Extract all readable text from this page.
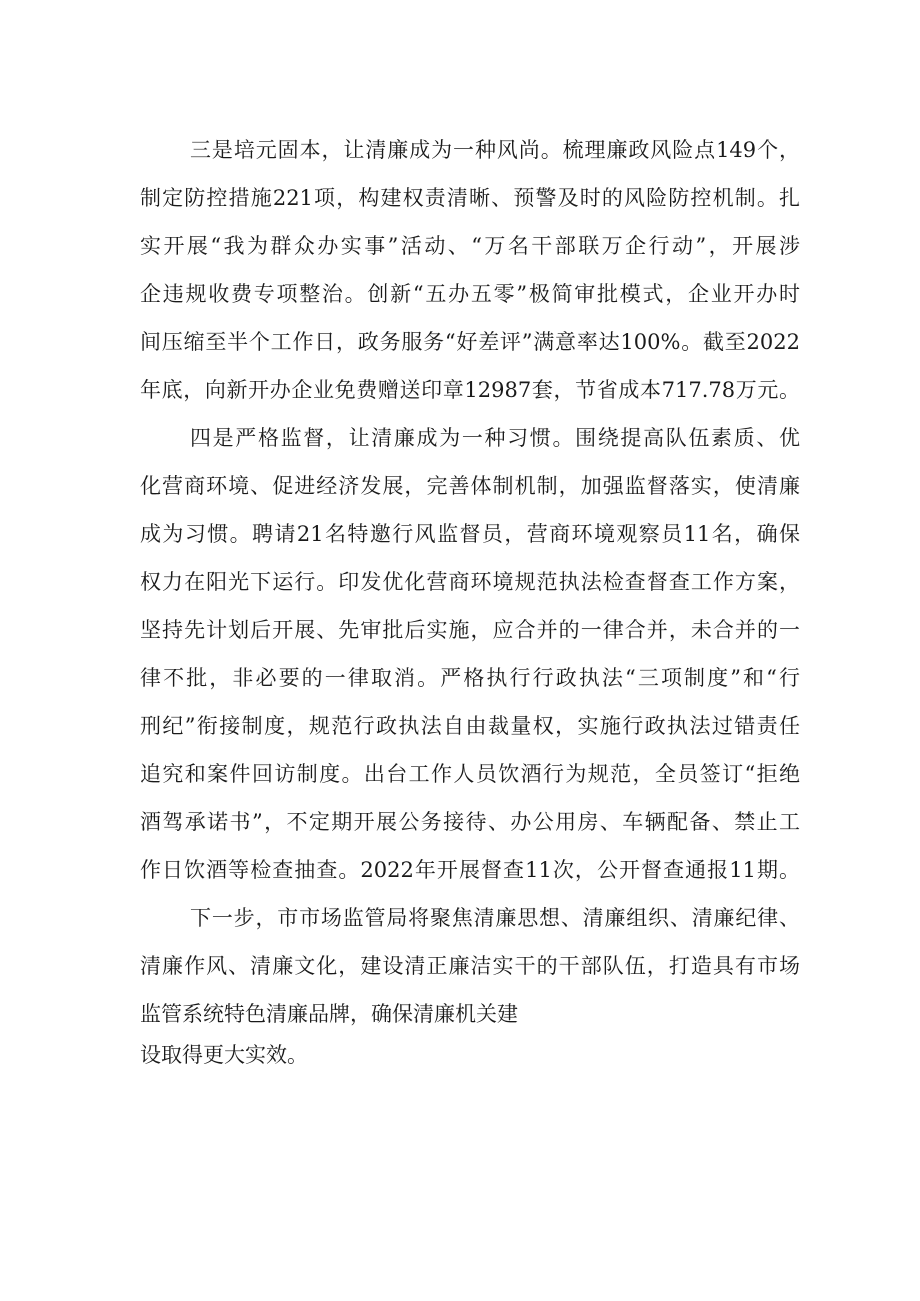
三是培元固本，让清廉成为一种风尚。梳理廉政风险点149个，
制定防控措施221项，构建权责清晰、预警及时的风险防控机制。扎
实开展“我为群众办实事”活动、“万名干部联万企行动”，开展涉
企违规收费专项整治。创新“五办五零”极简审批模式，企业开办时
间压缩至半个工作日，政务服务“好差评”满意率达100%。截至2022
年底，向新开办企业免费赠送印章12987套，节省成本717.78万元。
四是严格监督，让清廉成为一种习惯。围绕提高队伍素质、优
化营商环境、促进经济发展，完善体制机制，加强监督落实，使清廉
成为习惯。聘请21名特邀行风监督员，营商环境观察员11名，确保
权力在阳光下运行。印发优化营商环境规范执法检查督查工作方案，
坚持先计划后开展、先审批后实施，应合并的一律合并，未合并的一
律不批，非必要的一律取消。严格执行行政执法“三项制度”和“行
刑纪”衔接制度，规范行政执法自由裁量权，实施行政执法过错责任
追究和案件回访制度。出台工作人员饮酒行为规范，全员签订“拒绝
酒驾承诺书”，不定期开展公务接待、办公用房、车辆配备、禁止工
作日饮酒等检查抽查。2022年开展督查11次，公开督查通报11期。
下一步，市市场监管局将聚焦清廉思想、清廉组织、清廉纪律、
清廉作风、清廉文化，建设清正廉洁实干的干部队伍，打造具有市场
监管系统特色清廉品牌，确保清廉机关建
设取得更大实效。
